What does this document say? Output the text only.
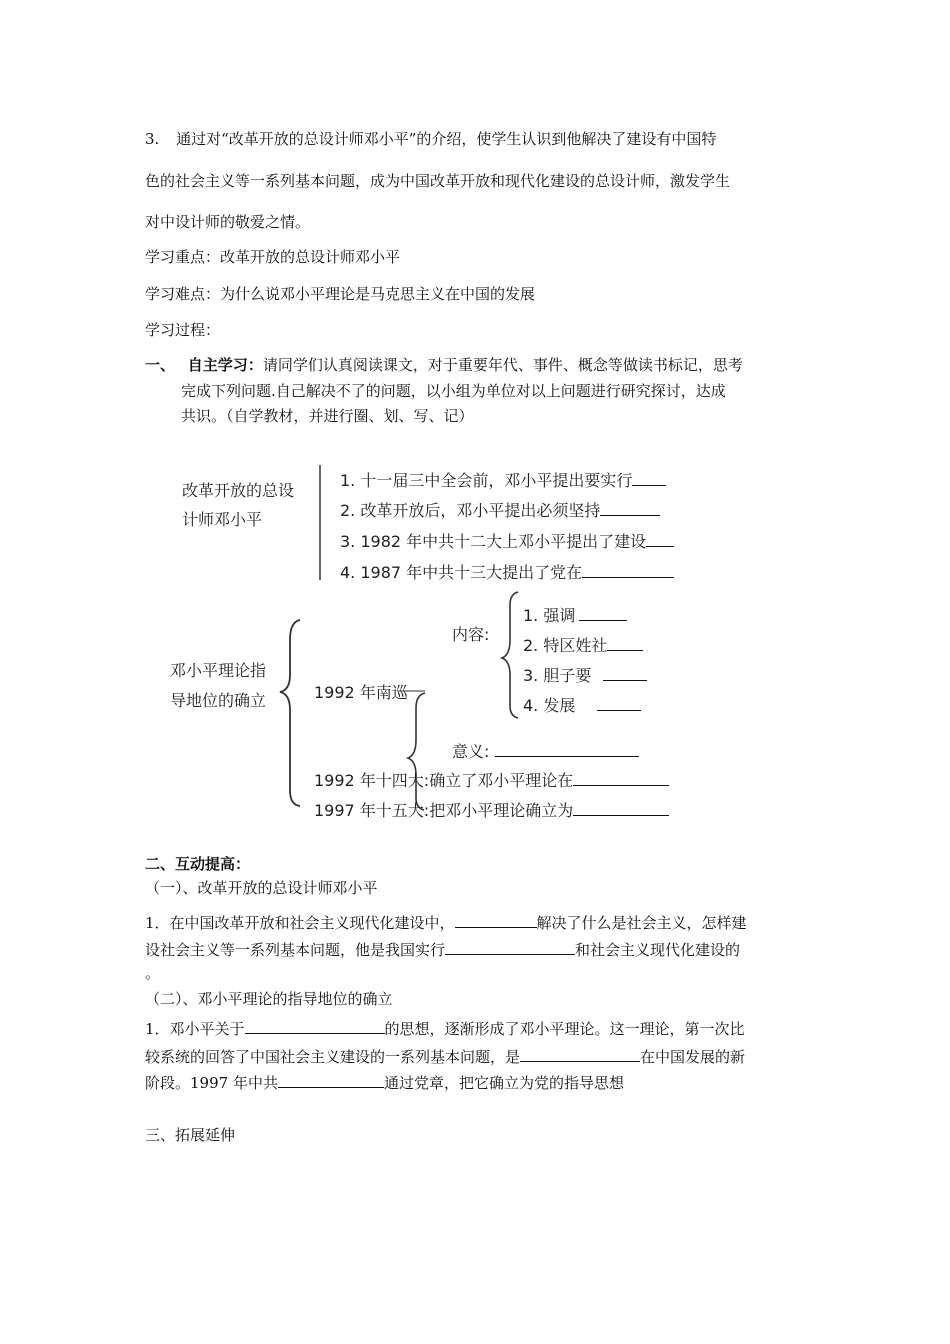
3. 通过对“改革开放的总设计师邓小平”的介绍，使学生认识到他解决了建设有中国特
色的社会主义等一系列基本问题，成为中国改革开放和现代化建设的总设计师，激发学生
对中设计师的敬爱之情。
学习重点：改革开放的总设计师邓小平
学习难点：为什么说邓小平理论是马克思主义在中国的发展
学习过程：
一、 自主学习：请同学们认真阅读课文，对于重要年代、事件、概念等做读书标记，思考
完成下列问题.自己解决不了的问题，以小组为单位对以上问题进行研究探讨，达成
共识。（自学教材，并进行圈、划、写、记）
改革开放的总设
计师邓小平
1. 十一届三中全会前，邓小平提出要实行
2. 改革开放后，邓小平提出必须坚持
3. 1982 年中共十二大上邓小平提出了建设
4. 1987 年中共十三大提出了党在
邓小平理论指
导地位的确立	1992 年南巡
内容:
1. 强调
2. 特区姓社
3. 胆子要
4. 发展
意义:
1992 年十四大:确立了邓小平理论在
1997 年十五大:把邓小平理论确立为
二、互动提高：
（一）、改革开放的总设计师邓小平
1．在中国改革开放和社会主义现代化建设中，	解决了什么是社会主义，怎样建
设社会主义等一系列基本问题，他是我国实行	和社会主义现代化建设的
。
（二）、邓小平理论的指导地位的确立
1．邓小平关于	的思想，逐渐形成了邓小平理论。这一理论，第一次比
较系统的回答了中国社会主义建设的一系列基本问题，是	在中国发展的新
阶段。1997 年中共	通过党章，把它确立为党的指导思想
三、拓展延伸
